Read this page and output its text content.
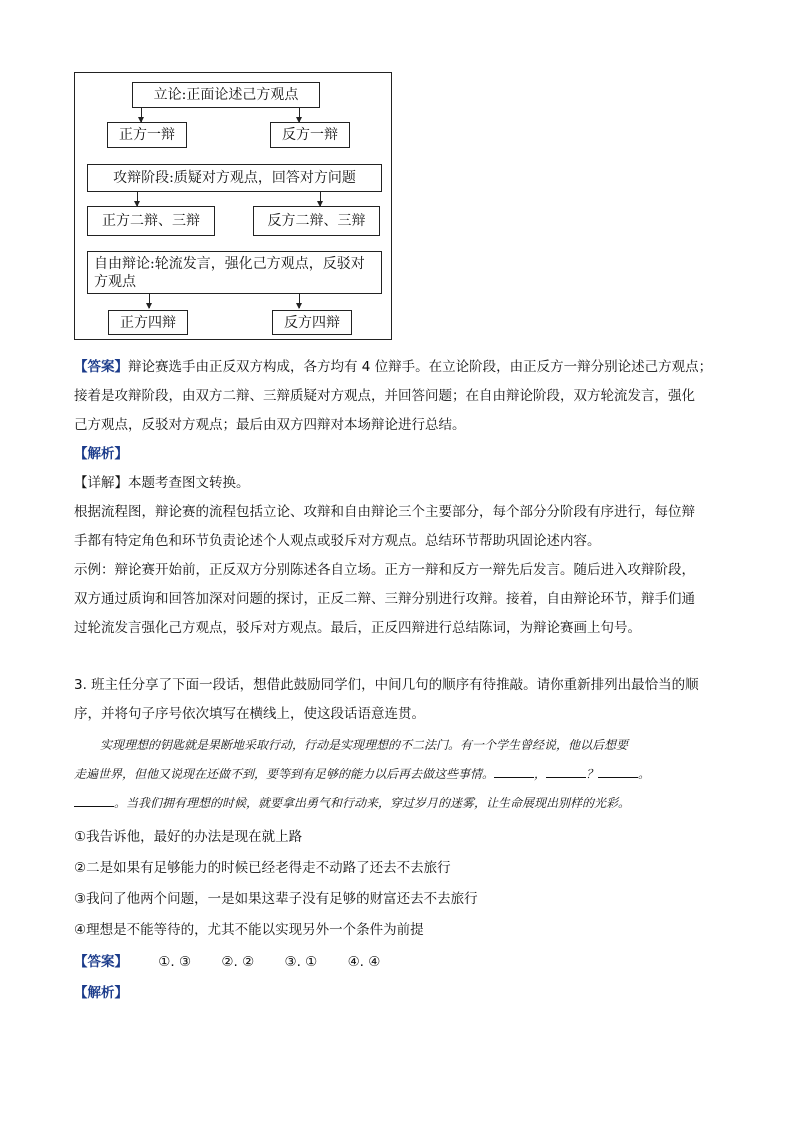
立论:正面论述己方观点
正方一辩	反方一辩
攻辩阶段:质疑对方观点，回答对方问题
正方二辩、三辩	反方二辩、三辩
自由辩论:轮流发言，强化己方观点，反驳对方观点
正方四辩	反方四辩
【答案】辩论赛选手由正反双方构成，各方均有 4 位辩手。在立论阶段，由正反方一辩分别论述己方观点；
接着是攻辩阶段，由双方二辩、三辩质疑对方观点，并回答问题；在自由辩论阶段，双方轮流发言，强化
己方观点，反驳对方观点；最后由双方四辩对本场辩论进行总结。
【解析】
【详解】本题考查图文转换。
根据流程图，辩论赛的流程包括立论、攻辩和自由辩论三个主要部分，每个部分分阶段有序进行，每位辩
手都有特定角色和环节负责论述个人观点或驳斥对方观点。总结环节帮助巩固论述内容。
示例：辩论赛开始前，正反双方分别陈述各自立场。正方一辩和反方一辩先后发言。随后进入攻辩阶段，
双方通过质询和回答加深对问题的探讨，正反二辩、三辩分别进行攻辩。接着，自由辩论环节，辩手们通
过轮流发言强化己方观点，驳斥对方观点。最后，正反四辩进行总结陈词，为辩论赛画上句号。
3. 班主任分享了下面一段话，想借此鼓励同学们，中间几句的顺序有待推敲。请你重新排列出最恰当的顺
序，并将句子序号依次填写在横线上，使这段话语意连贯。
实现理想的钥匙就是果断地采取行动，行动是实现理想的不二法门。有一个学生曾经说，他以后想要
走遍世界，但他又说现在还做不到，要等到有足够的能力以后再去做这些事情。	，	？	。
。当我们拥有理想的时候，就要拿出勇气和行动来，穿过岁月的迷雾，让生命展现出别样的光彩。
①我告诉他，最好的办法是现在就上路
②二是如果有足够能力的时候已经老得走不动路了还去不去旅行
③我问了他两个问题，一是如果这辈子没有足够的财富还去不去旅行
④理想是不能等待的，尤其不能以实现另外一个条件为前提
【答案】 ①. ③ ②. ② ③. ① ④. ④
【解析】
